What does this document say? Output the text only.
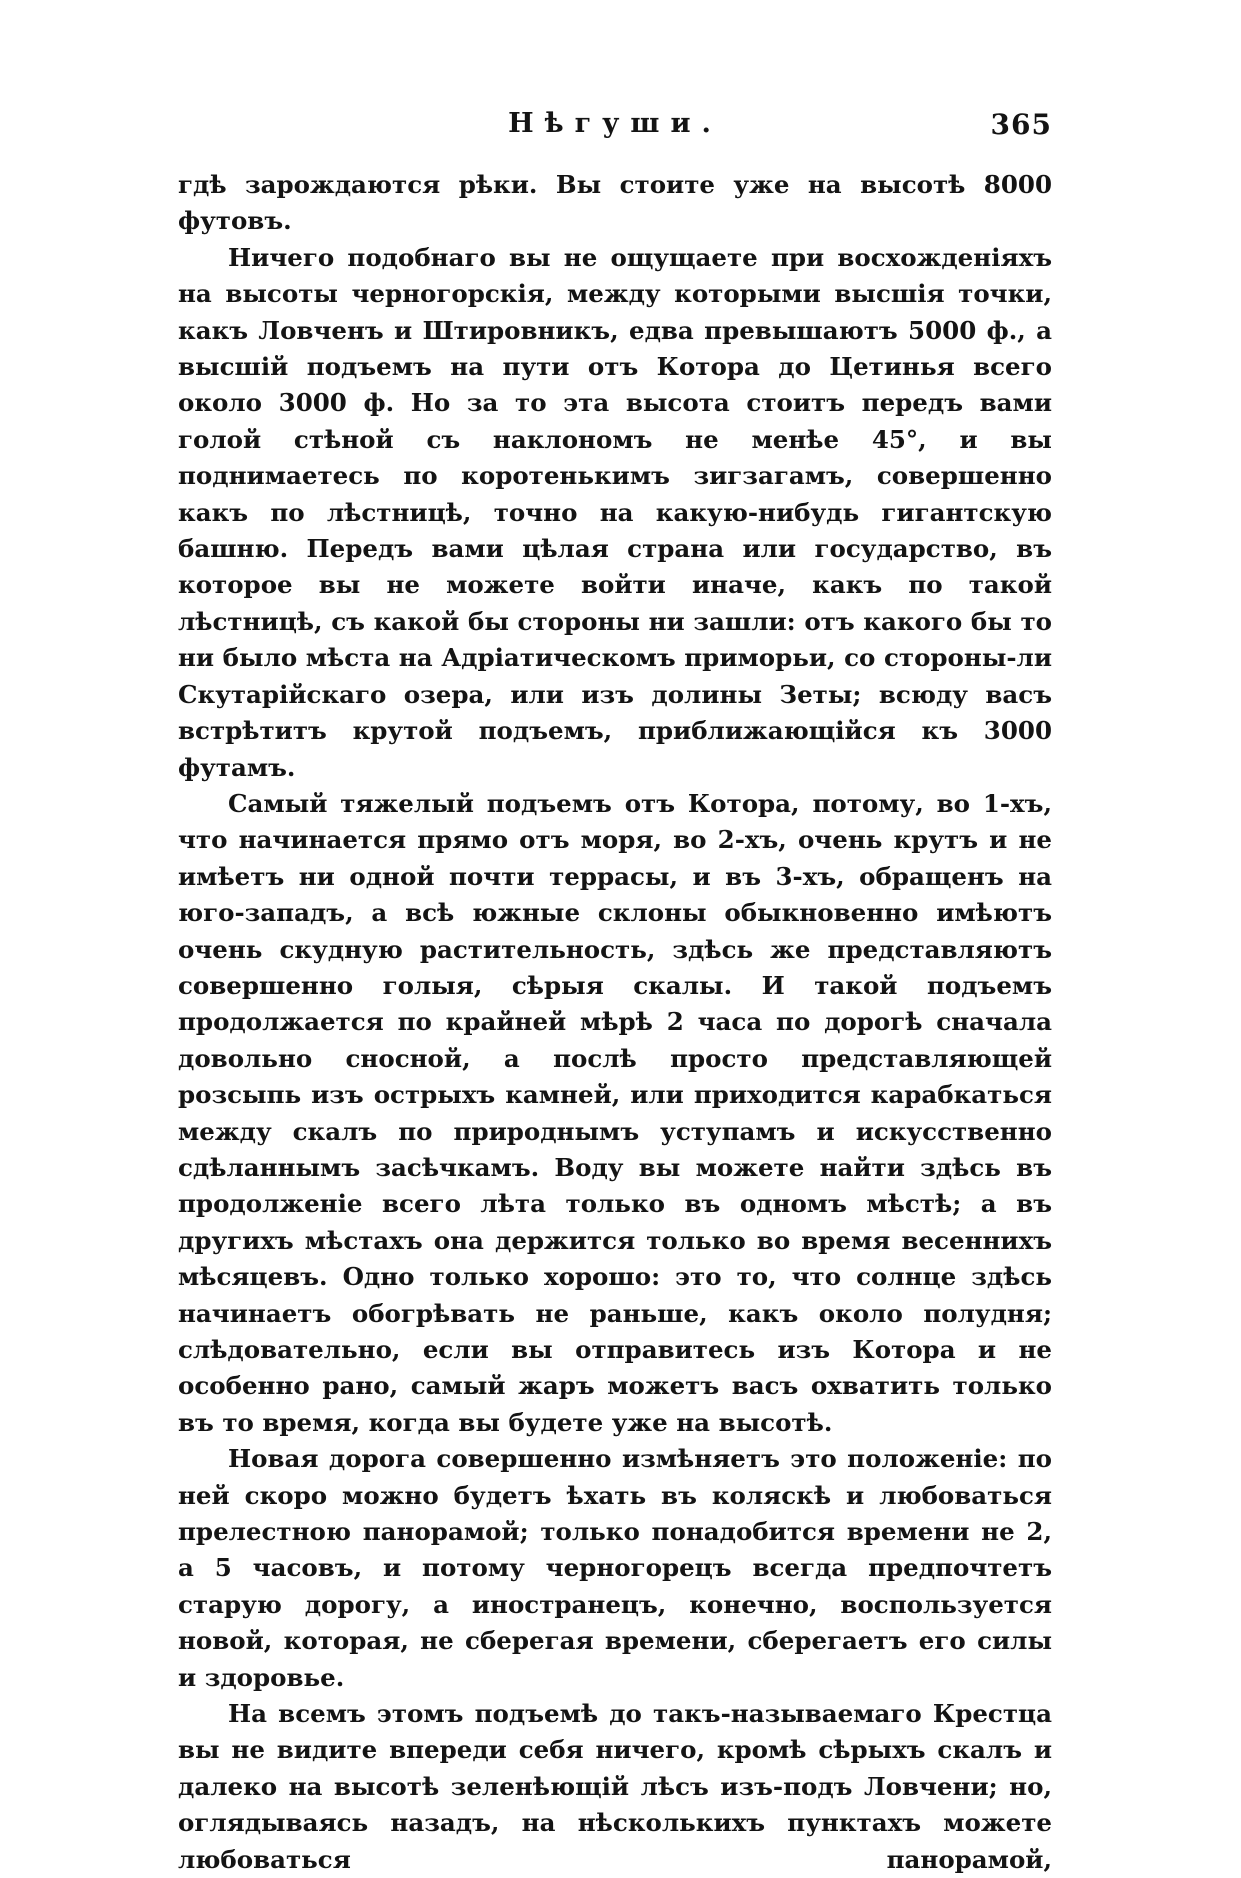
Нѣгуши.	365

гдѣ зарождаются рѣки. Вы стоите уже на высотѣ 8000 футовъ.

Ничего подобнаго вы не ощущаете при восхожденіяхъ на высоты черногорскія, между которыми высшія точки, какъ Ловченъ и Штировникъ, едва превышаютъ 5000 ф., а высшій подъемъ на пути отъ Котора до Цетинья всего около 3000 ф. Но за то эта высота стоитъ передъ вами голой стѣной съ наклономъ не менѣе 45°, и вы поднимаетесь по коротенькимъ зигзагамъ, совершенно какъ по лѣстницѣ, точно на какую-нибудь гигантскую башню. Передъ вами цѣлая страна или государство, въ которое вы не можете войти иначе, какъ по такой лѣстницѣ, съ какой бы стороны ни зашли: отъ какого бы то ни было мѣста на Адріатическомъ приморьи, со стороны-ли Скутарійскаго озера, или изъ долины Зеты; всюду васъ встрѣтитъ крутой подъемъ, приближающійся къ 3000 футамъ.

Самый тяжелый подъемъ отъ Котора, потому, во 1-хъ, что начинается прямо отъ моря, во 2-хъ, очень крутъ и не имѣетъ ни одной почти террасы, и въ 3-хъ, обращенъ на юго-западъ, а всѣ южные склоны обыкновенно имѣютъ очень скудную растительность, здѣсь же представляютъ совершенно голыя, сѣрыя скалы. И такой подъемъ продолжается по крайней мѣрѣ 2 часа по дорогѣ сначала довольно сносной, а послѣ просто представляющей розсыпь изъ острыхъ камней, или приходится карабкаться между скалъ по природнымъ уступамъ и искусственно сдѣланнымъ засѣчкамъ. Воду вы можете найти здѣсь въ продолженіе всего лѣта только въ одномъ мѣстѣ; а въ другихъ мѣстахъ она держится только во время весеннихъ мѣсяцевъ. Одно только хорошо: это то, что солнце здѣсь начинаетъ обогрѣвать не раньше, какъ около полудня; слѣдовательно, если вы отправитесь изъ Котора и не особенно рано, самый жаръ можетъ васъ охватить только въ то время, когда вы будете уже на высотѣ.

Новая дорога совершенно измѣняетъ это положеніе: по ней скоро можно будетъ ѣхать въ коляскѣ и любоваться прелестною панорамой; только понадобится времени не 2, а 5 часовъ, и потому черногорецъ всегда предпочтетъ старую дорогу, а иностранецъ, конечно, воспользуется новой, которая, не сберегая времени, сберегаетъ его силы и здоровье.

На всемъ этомъ подъемѣ до такъ-называемаго Крестца вы не видите впереди себя ничего, кромѣ сѣрыхъ скалъ и далеко на высотѣ зеленѣющій лѣсъ изъ-подъ Ловчени; но, оглядываясь назадъ, на нѣсколькихъ пунктахъ можете любоваться панорамой,
